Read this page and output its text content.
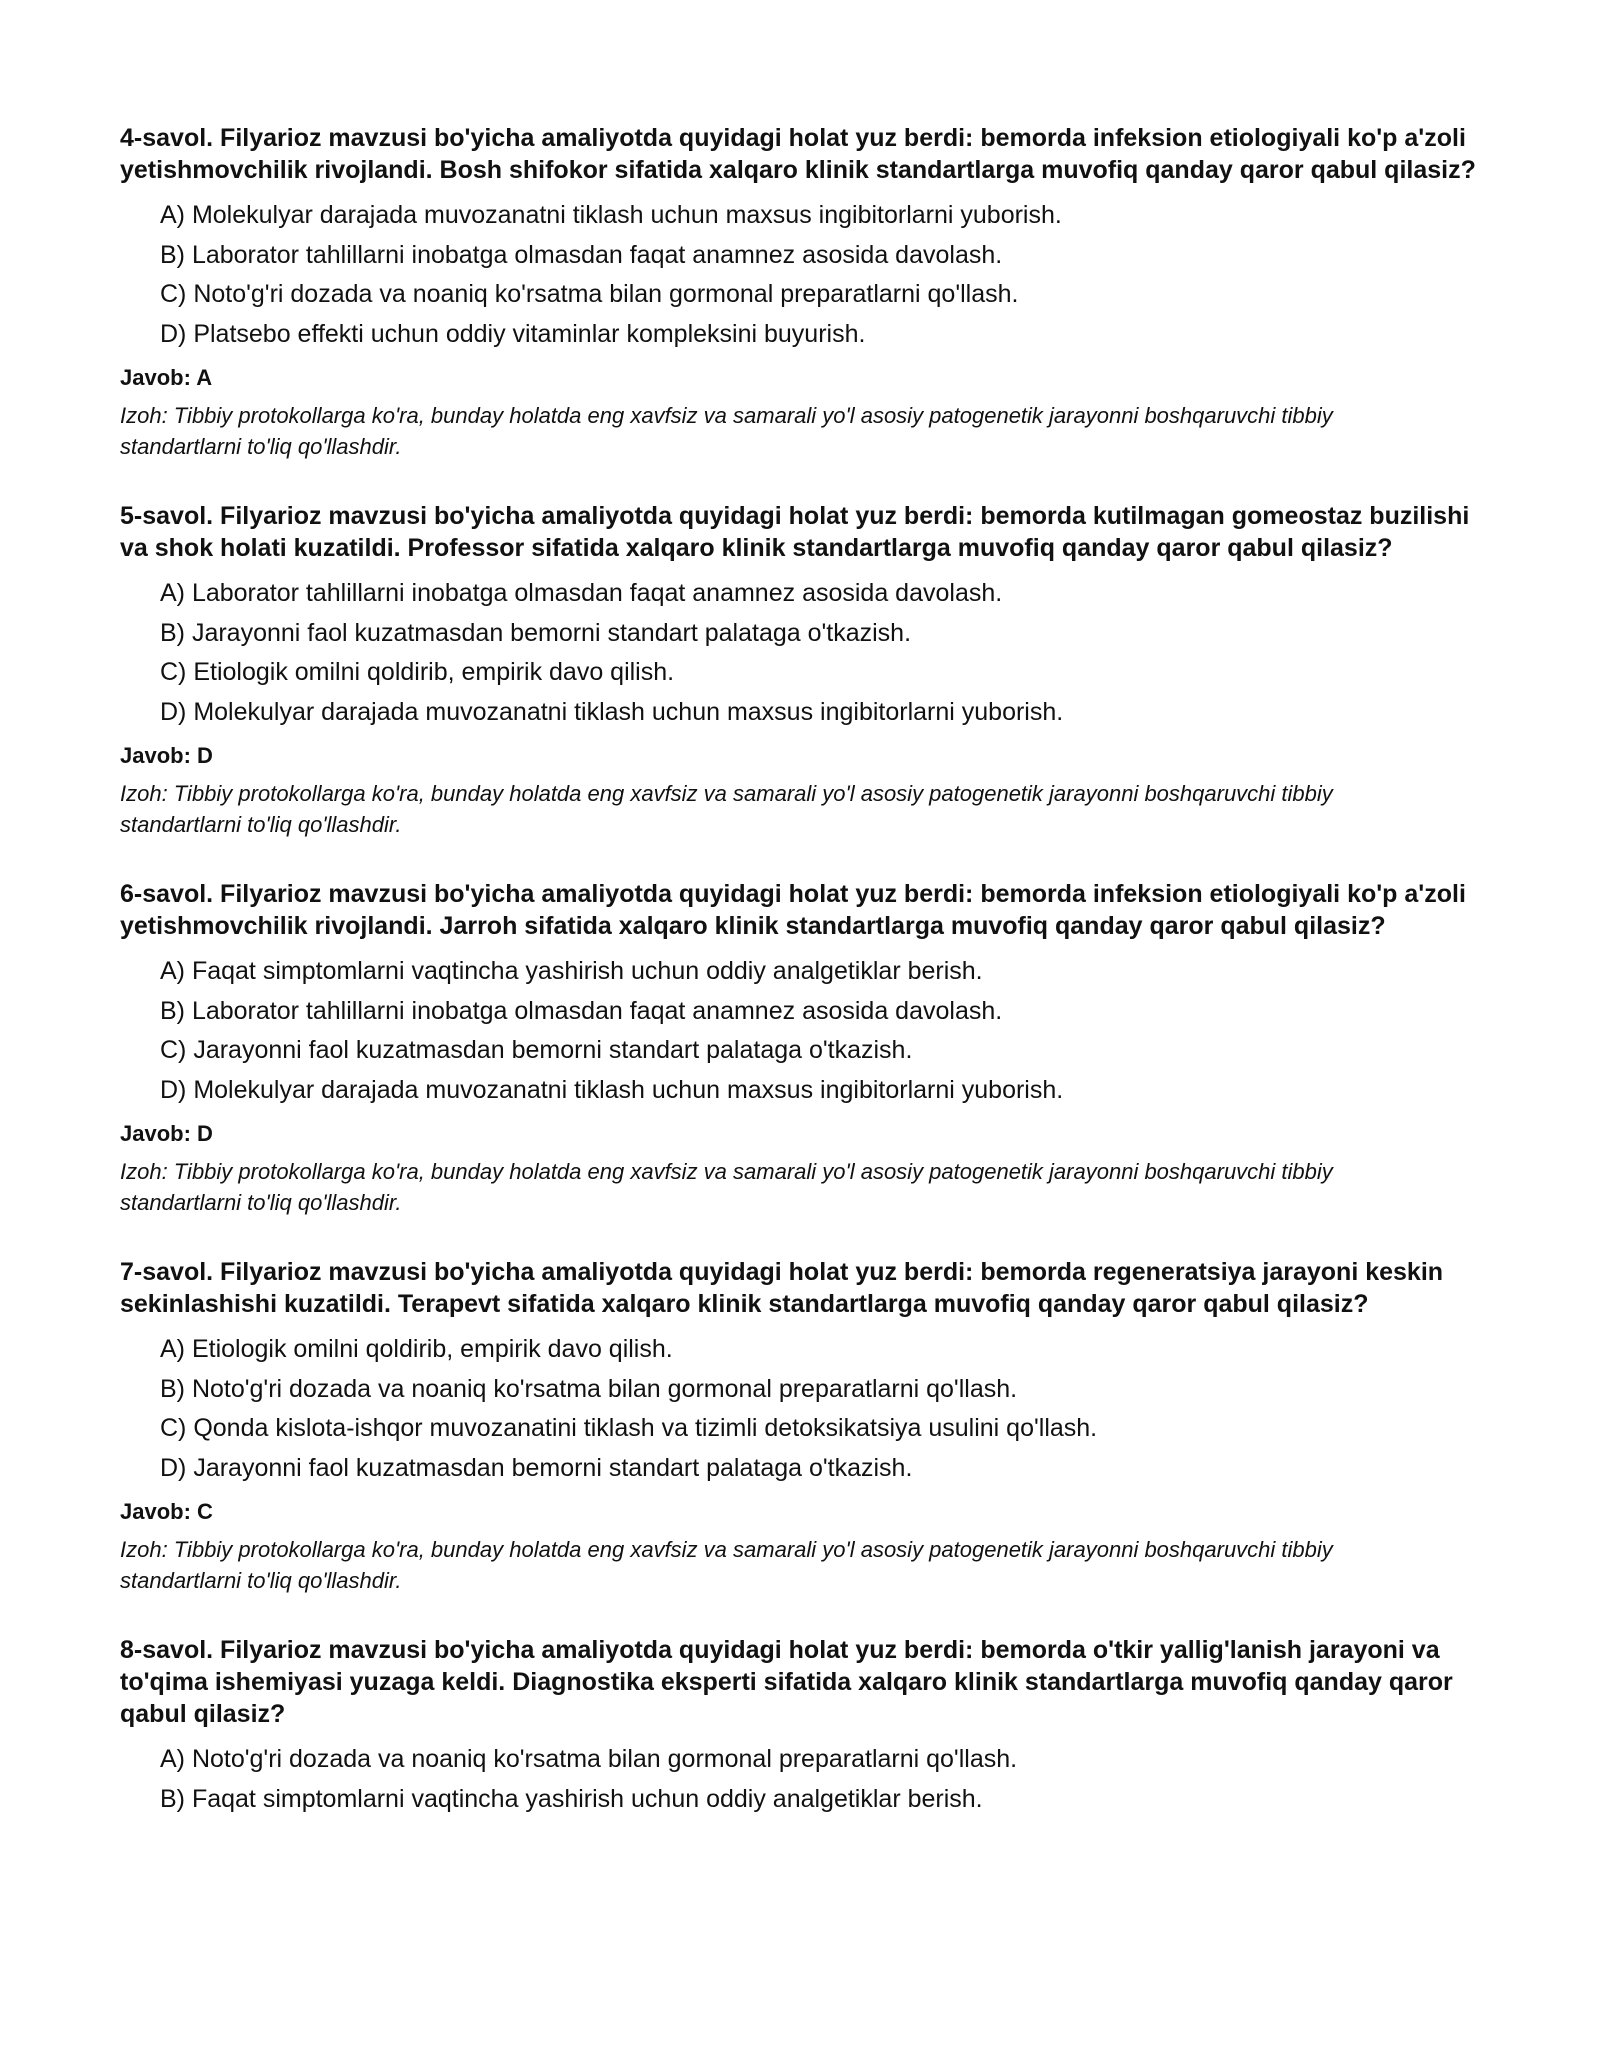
4-savol. Filyarioz mavzusi bo'yicha amaliyotda quyidagi holat yuz berdi: bemorda infeksion etiologiyali ko'p a'zoli yetishmovchilik rivojlandi. Bosh shifokor sifatida xalqaro klinik standartlarga muvofiq qanday qaror qabul qilasiz?

A) Molekulyar darajada muvozanatni tiklash uchun maxsus ingibitorlarni yuborish.
B) Laborator tahlillarni inobatga olmasdan faqat anamnez asosida davolash.
C) Noto'g'ri dozada va noaniq ko'rsatma bilan gormonal preparatlarni qo'llash.
D) Platsebo effekti uchun oddiy vitaminlar kompleksini buyurish.

Javob: A

Izoh: Tibbiy protokollarga ko'ra, bunday holatda eng xavfsiz va samarali yo'l asosiy patogenetik jarayonni boshqaruvchi tibbiy standartlarni to'liq qo'llashdir.

5-savol. Filyarioz mavzusi bo'yicha amaliyotda quyidagi holat yuz berdi: bemorda kutilmagan gomeostaz buzilishi va shok holati kuzatildi. Professor sifatida xalqaro klinik standartlarga muvofiq qanday qaror qabul qilasiz?

A) Laborator tahlillarni inobatga olmasdan faqat anamnez asosida davolash.
B) Jarayonni faol kuzatmasdan bemorni standart palataga o'tkazish.
C) Etiologik omilni qoldirib, empirik davo qilish.
D) Molekulyar darajada muvozanatni tiklash uchun maxsus ingibitorlarni yuborish.

Javob: D

Izoh: Tibbiy protokollarga ko'ra, bunday holatda eng xavfsiz va samarali yo'l asosiy patogenetik jarayonni boshqaruvchi tibbiy standartlarni to'liq qo'llashdir.

6-savol. Filyarioz mavzusi bo'yicha amaliyotda quyidagi holat yuz berdi: bemorda infeksion etiologiyali ko'p a'zoli yetishmovchilik rivojlandi. Jarroh sifatida xalqaro klinik standartlarga muvofiq qanday qaror qabul qilasiz?

A) Faqat simptomlarni vaqtincha yashirish uchun oddiy analgetiklar berish.
B) Laborator tahlillarni inobatga olmasdan faqat anamnez asosida davolash.
C) Jarayonni faol kuzatmasdan bemorni standart palataga o'tkazish.
D) Molekulyar darajada muvozanatni tiklash uchun maxsus ingibitorlarni yuborish.

Javob: D

Izoh: Tibbiy protokollarga ko'ra, bunday holatda eng xavfsiz va samarali yo'l asosiy patogenetik jarayonni boshqaruvchi tibbiy standartlarni to'liq qo'llashdir.

7-savol. Filyarioz mavzusi bo'yicha amaliyotda quyidagi holat yuz berdi: bemorda regeneratsiya jarayoni keskin sekinlashishi kuzatildi. Terapevt sifatida xalqaro klinik standartlarga muvofiq qanday qaror qabul qilasiz?

A) Etiologik omilni qoldirib, empirik davo qilish.
B) Noto'g'ri dozada va noaniq ko'rsatma bilan gormonal preparatlarni qo'llash.
C) Qonda kislota-ishqor muvozanatini tiklash va tizimli detoksikatsiya usulini qo'llash.
D) Jarayonni faol kuzatmasdan bemorni standart palataga o'tkazish.

Javob: C

Izoh: Tibbiy protokollarga ko'ra, bunday holatda eng xavfsiz va samarali yo'l asosiy patogenetik jarayonni boshqaruvchi tibbiy standartlarni to'liq qo'llashdir.

8-savol. Filyarioz mavzusi bo'yicha amaliyotda quyidagi holat yuz berdi: bemorda o'tkir yallig'lanish jarayoni va to'qima ishemiyasi yuzaga keldi. Diagnostika eksperti sifatida xalqaro klinik standartlarga muvofiq qanday qaror qabul qilasiz?

A) Noto'g'ri dozada va noaniq ko'rsatma bilan gormonal preparatlarni qo'llash.
B) Faqat simptomlarni vaqtincha yashirish uchun oddiy analgetiklar berish.
